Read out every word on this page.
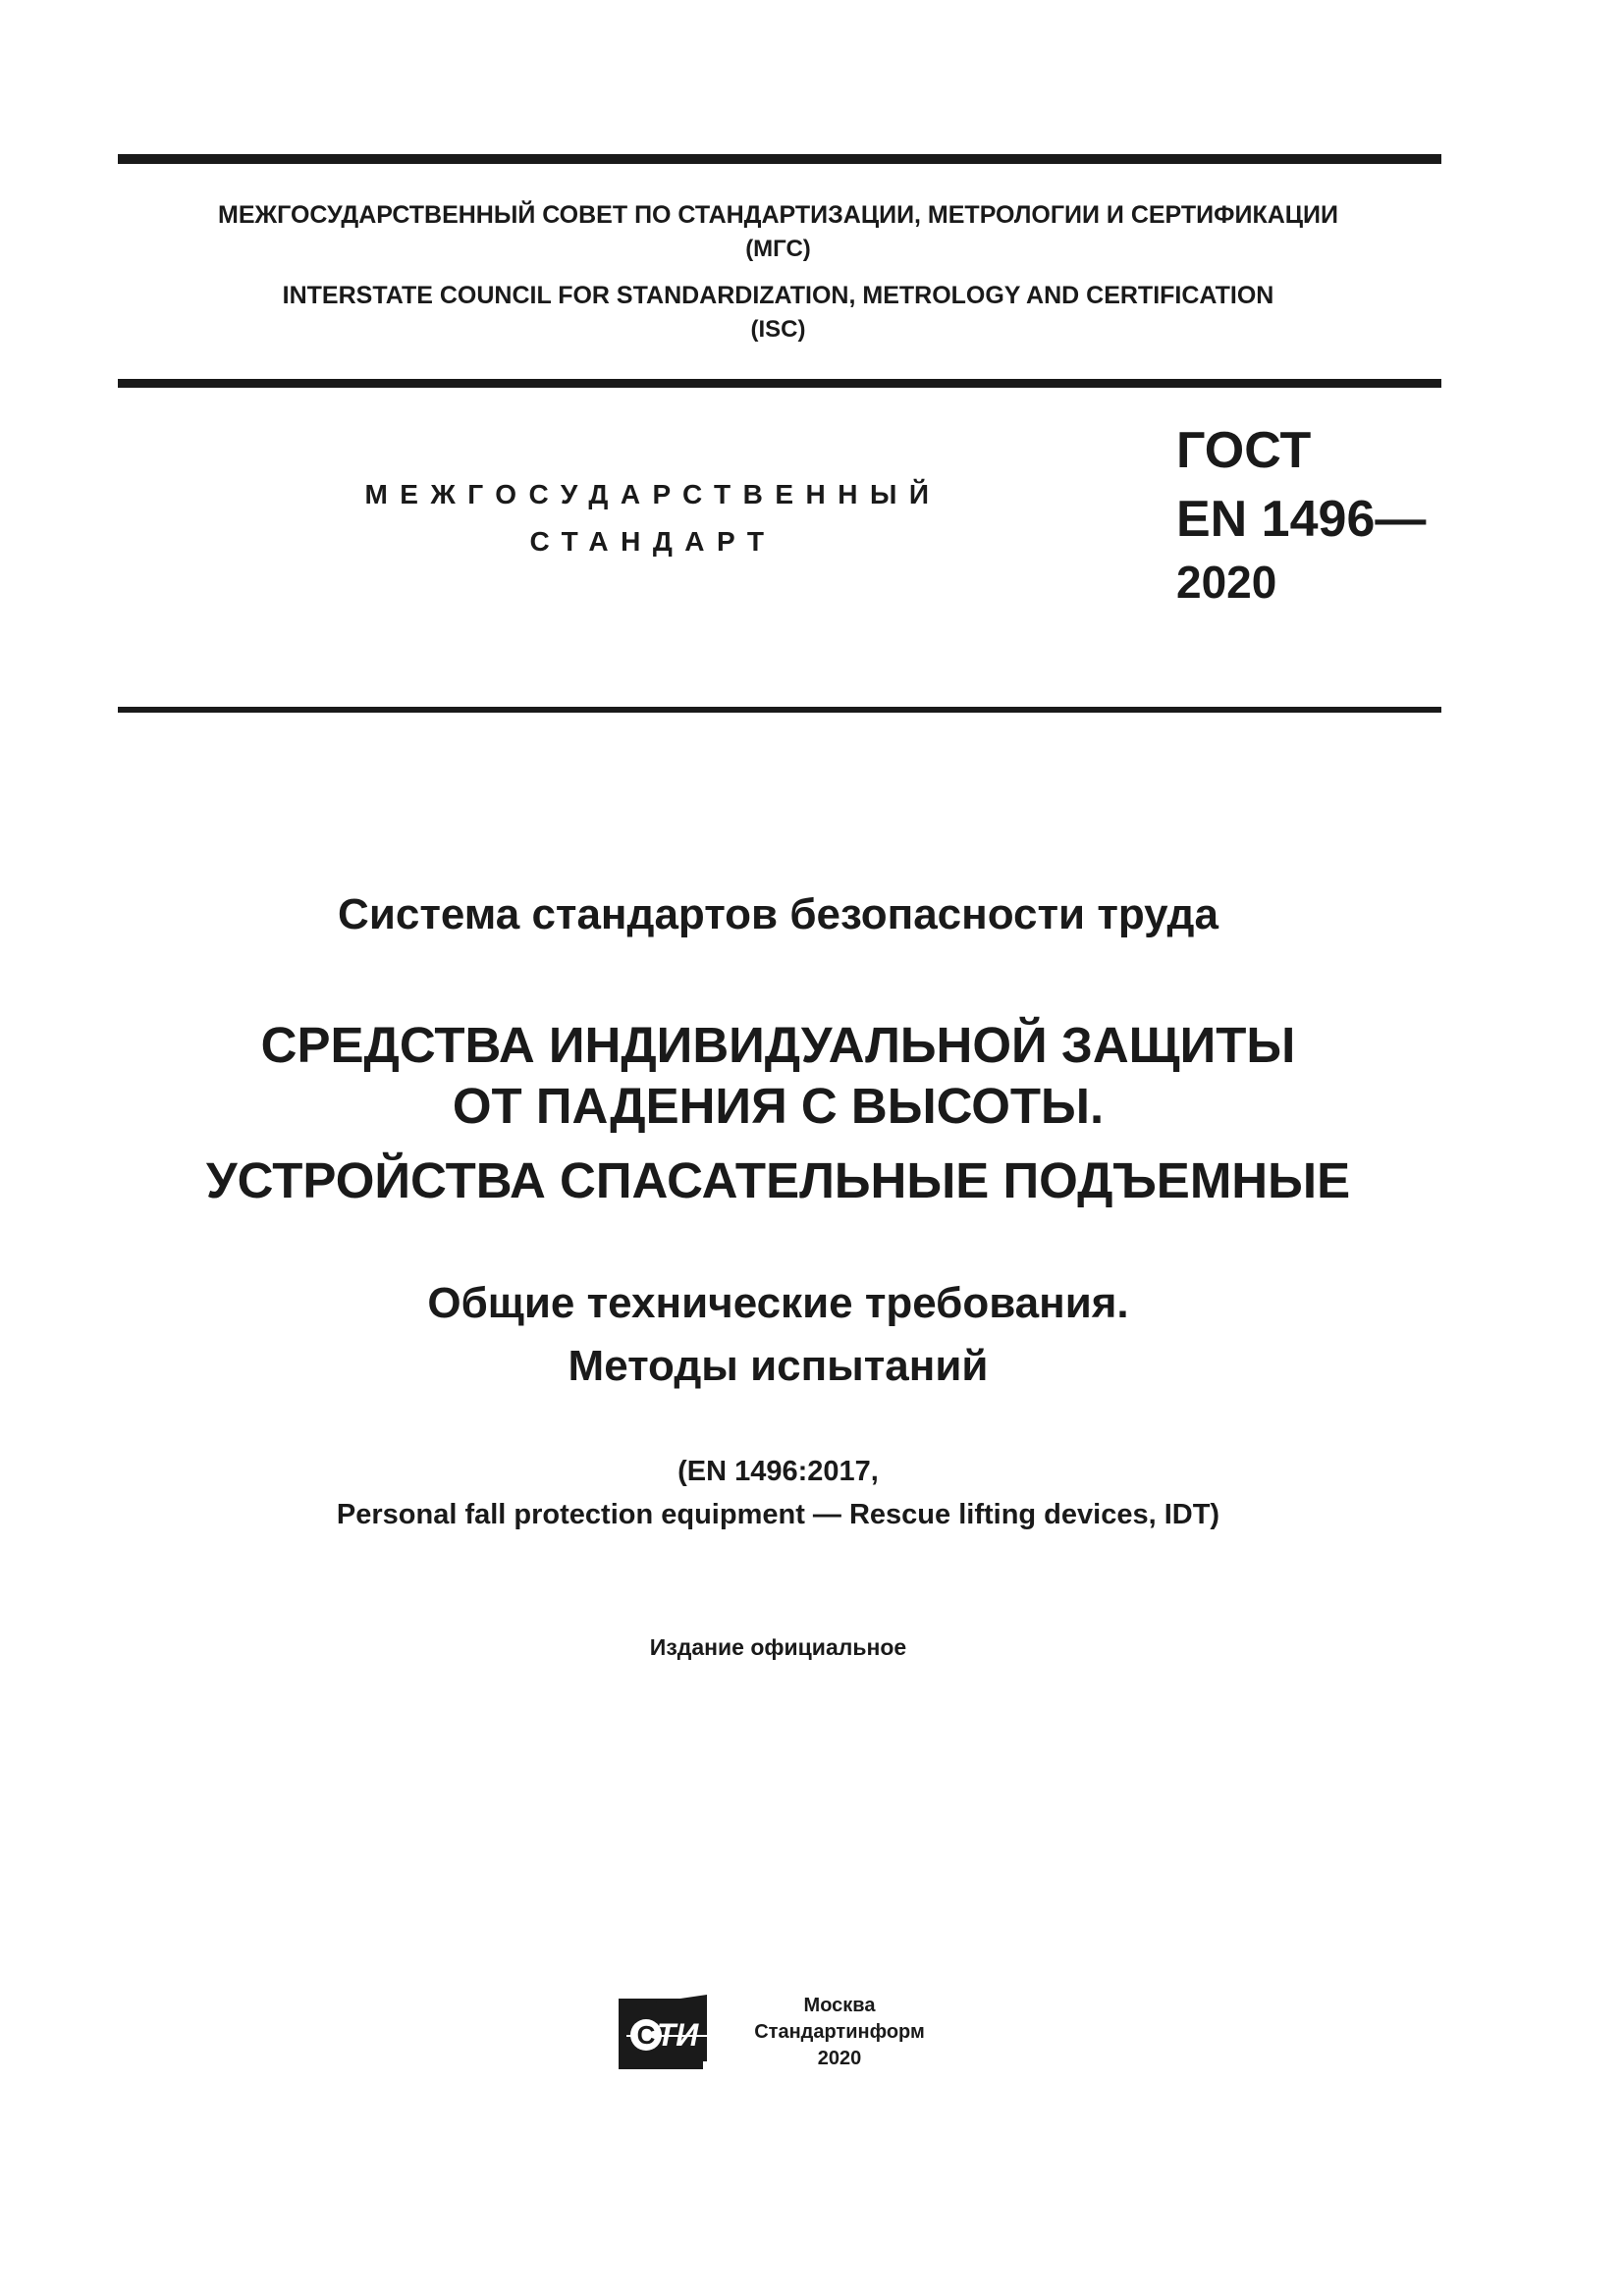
МЕЖГОСУДАРСТВЕННЫЙ СОВЕТ ПО СТАНДАРТИЗАЦИИ, МЕТРОЛОГИИ И СЕРТИФИКАЦИИ
(МГС)
INTERSTATE COUNCIL FOR STANDARDIZATION, METROLOGY AND CERTIFICATION
(ISC)
МЕЖГОСУДАРСТВЕННЫЙ
СТАНДАРТ
ГОСТ
EN 1496—
2020
Система стандартов безопасности труда
СРЕДСТВА ИНДИВИДУАЛЬНОЙ ЗАЩИТЫ
ОТ ПАДЕНИЯ С ВЫСОТЫ.
УСТРОЙСТВА СПАСАТЕЛЬНЫЕ ПОДЪЕМНЫЕ
Общие технические требования.
Методы испытаний
(EN 1496:2017,
Personal fall protection equipment — Rescue lifting devices, IDT)
Издание официальное
С ТИ
Москва
Стандартинформ
2020
